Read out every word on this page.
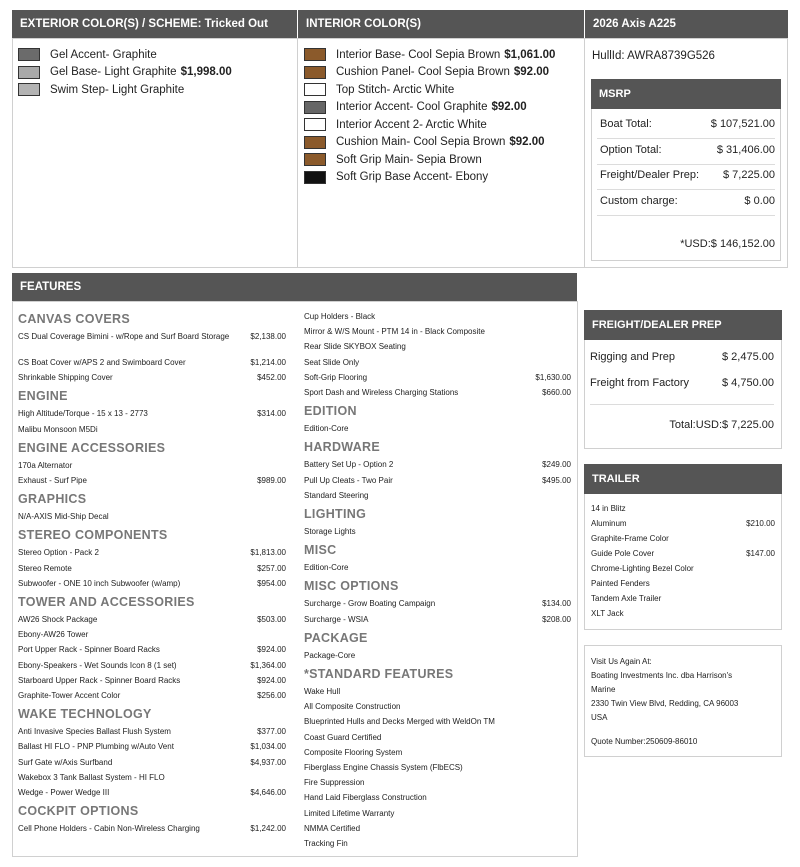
EXTERIOR COLOR(S) / SCHEME: Tricked Out	INTERIOR COLOR(S)	2026 Axis A225
Gel Accent- Graphite
Gel Base- Light Graphite $1,998.00
Swim Step- Light Graphite
Interior Base- Cool Sepia Brown $1,061.00
Cushion Panel- Cool Sepia Brown $92.00
Top Stitch- Arctic White
Interior Accent- Cool Graphite $92.00
Interior Accent 2- Arctic White
Cushion Main- Cool Sepia Brown $92.00
Soft Grip Main- Sepia Brown
Soft Grip Base Accent- Ebony
HullId: AWRA8739G526
MSRP
Boat Total:	$ 107,521.00
Option Total:	$ 31,406.00
Freight/Dealer Prep:	$ 7,225.00
Custom charge:	$ 0.00
*USD:$ 146,152.00
FEATURES
CANVAS COVERS
CS Dual Coverage Bimini - w/Rope and Surf Board Storage	$2,138.00
CS Boat Cover w/APS 2 and Swimboard Cover	$1,214.00
Shrinkable Shipping Cover	$452.00
ENGINE
High Altitude/Torque - 15 x 13 - 2773	$314.00
Malibu Monsoon M5Di
ENGINE ACCESSORIES
170a Alternator
Exhaust - Surf Pipe	$989.00
GRAPHICS
N/A-AXIS Mid-Ship Decal
STEREO COMPONENTS
Stereo Option - Pack 2	$1,813.00
Stereo Remote	$257.00
Subwoofer - ONE 10 inch Subwoofer (w/amp)	$954.00
TOWER AND ACCESSORIES
AW26 Shock Package	$503.00
Ebony-AW26 Tower
Port Upper Rack - Spinner Board Racks	$924.00
Ebony-Speakers - Wet Sounds Icon 8 (1 set)	$1,364.00
Starboard Upper Rack - Spinner Board Racks	$924.00
Graphite-Tower Accent Color	$256.00
WAKE TECHNOLOGY
Anti Invasive Species Ballast Flush System	$377.00
Ballast HI FLO - PNP Plumbing w/Auto Vent	$1,034.00
Surf Gate w/Axis Surfband	$4,937.00
Wakebox 3 Tank Ballast System - HI FLO
Wedge - Power Wedge III	$4,646.00
COCKPIT OPTIONS
Cell Phone Holders - Cabin Non-Wireless Charging	$1,242.00
Cup Holders - Black
Mirror & W/S Mount - PTM 14 in - Black Composite
Rear Slide SKYBOX Seating
Seat Slide Only
Soft-Grip Flooring	$1,630.00
Sport Dash and Wireless Charging Stations	$660.00
EDITION
Edition-Core
HARDWARE
Battery Set Up - Option 2	$249.00
Pull Up Cleats - Two Pair	$495.00
Standard Steering
LIGHTING
Storage Lights
MISC
Edition-Core
MISC OPTIONS
Surcharge - Grow Boating Campaign	$134.00
Surcharge - WSIA	$208.00
PACKAGE
Package-Core
*STANDARD FEATURES
Wake Hull
All Composite Construction
Blueprinted Hulls and Decks Merged with WeldOn TM
Coast Guard Certified
Composite Flooring System
Fiberglass Engine Chassis System (FlbECS)
Fire Suppression
Hand Laid Fiberglass Construction
Limited Lifetime Warranty
NMMA Certified
Tracking Fin
FREIGHT/DEALER PREP
Rigging and Prep	$ 2,475.00
Freight from Factory	$ 4,750.00
Total:USD:$ 7,225.00
TRAILER
14 in Blitz
Aluminum	$210.00
Graphite-Frame Color
Guide Pole Cover	$147.00
Chrome-Lighting Bezel Color
Painted Fenders
Tandem Axle Trailer
XLT Jack
Visit Us Again At:
Boating Investments Inc. dba Harrison's
Marine
2330 Twin View Blvd, Redding, CA 96003
USA
Quote Number:250609-86010
